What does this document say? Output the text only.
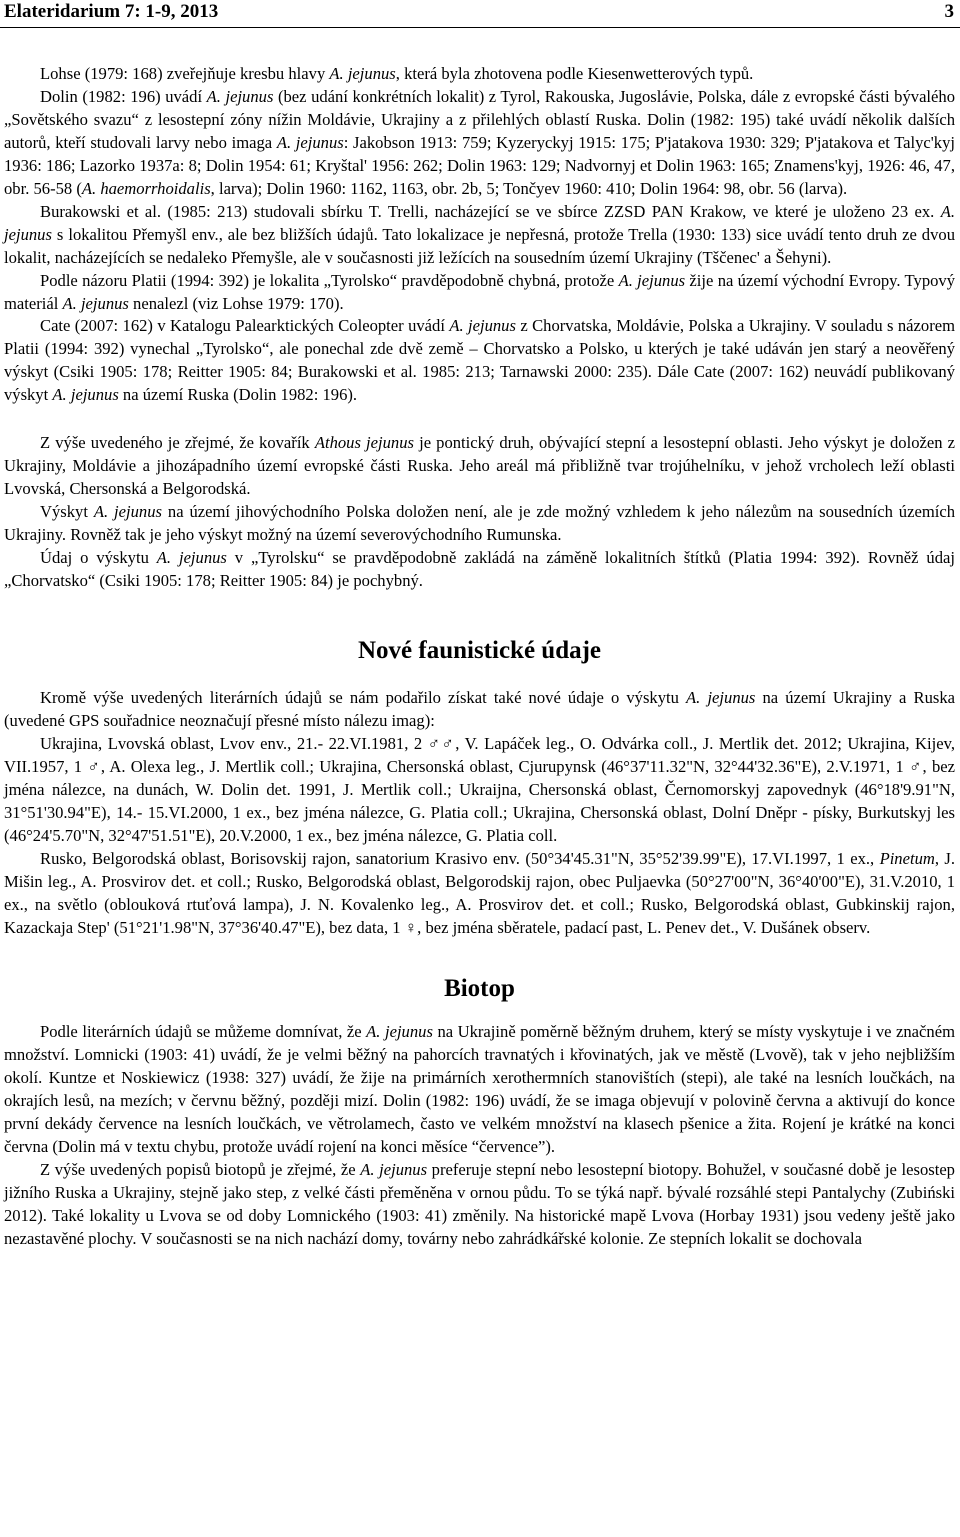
Elateridarium 7: 1-9, 2013	3

Lohse (1979: 168) zveřejňuje kresbu hlavy A. jejunus, která byla zhotovena podle Kiesenwetterových typů.

Dolin (1982: 196) uvádí A. jejunus (bez udání konkrétních lokalit) z Tyrol, Rakouska, Jugoslávie, Polska, dále z evropské části bývalého „Sovětského svazu“ z lesostepní zóny nížin Moldávie, Ukrajiny a z přilehlých oblastí Ruska. Dolin (1982: 195) také uvádí několik dalších autorů, kteří studovali larvy nebo imaga A. jejunus: Jakobson 1913: 759; Kyzeryckyj 1915: 175; P'jatakova 1930: 329; P'jatakova et Talyc'kyj 1936: 186; Lazorko 1937a: 8; Dolin 1954: 61; Kryštal' 1956: 262; Dolin 1963: 129; Nadvornyj et Dolin 1963: 165; Znamens'kyj, 1926: 46, 47, obr. 56-58 (A. haemorrhoidalis, larva); Dolin 1960: 1162, 1163, obr. 2b, 5; Tončyev 1960: 410; Dolin 1964: 98, obr. 56 (larva).

Burakowski et al. (1985: 213) studovali sbírku T. Trelli, nacházející se ve sbírce ZZSD PAN Krakow, ve které je uloženo 23 ex. A. jejunus s lokalitou Přemyšl env., ale bez bližších údajů. Tato lokalizace je nepřesná, protože Trella (1930: 133) sice uvádí tento druh ze dvou lokalit, nacházejících se nedaleko Přemyšle, ale v současnosti již ležících na sousedním území Ukrajiny (Tščenec' a Šehyni).

Podle názoru Platii (1994: 392) je lokalita „Tyrolsko“ pravděpodobně chybná, protože A. jejunus žije na území východní Evropy. Typový materiál A. jejunus nenalezl (viz Lohse 1979: 170).

Cate (2007: 162) v Katalogu Palearktických Coleopter uvádí A. jejunus z Chorvatska, Moldávie, Polska a Ukrajiny. V souladu s názorem Platii (1994: 392) vynechal „Tyrolsko“, ale ponechal zde dvě země – Chorvatsko a Polsko, u kterých je také udáván jen starý a neověřený výskyt (Csiki 1905: 178; Reitter 1905: 84; Burakowski et al. 1985: 213; Tarnawski 2000: 235). Dále Cate (2007: 162) neuvádí publikovaný výskyt A. jejunus na území Ruska (Dolin 1982: 196).

Z výše uvedeného je zřejmé, že kovařík Athous jejunus je pontický druh, obývající stepní a lesostepní oblasti. Jeho výskyt je doložen z Ukrajiny, Moldávie a jihozápadního území evropské části Ruska. Jeho areál má přibližně tvar trojúhelníku, v jehož vrcholech leží oblasti Lvovská, Chersonská a Belgorodská.

Výskyt A. jejunus na území jihovýchodního Polska doložen není, ale je zde možný vzhledem k jeho nálezům na sousedních územích Ukrajiny. Rovněž tak je jeho výskyt možný na území severovýchodního Rumunska.

Údaj o výskytu A. jejunus v „Tyrolsku“ se pravděpodobně zakládá na záměně lokalitních štítků (Platia 1994: 392). Rovněž údaj „Chorvatsko“ (Csiki 1905: 178; Reitter 1905: 84) je pochybný.

Nové faunistické údaje

Kromě výše uvedených literárních údajů se nám podařilo získat také nové údaje o výskytu A. jejunus na území Ukrajiny a Ruska (uvedené GPS souřadnice neoznačují přesné místo nálezu imag):

Ukrajina, Lvovská oblast, Lvov env., 21.- 22.VI.1981, 2 ♂♂, V. Lapáček leg., O. Odvárka coll., J. Mertlik det. 2012; Ukrajina, Kijev, VII.1957, 1 ♂, A. Olexa leg., J. Mertlik coll.; Ukrajina, Chersonská oblast, Cjurupynsk (46°37'11.32"N, 32°44'32.36"E), 2.V.1971, 1 ♂, bez jména nálezce, na dunách, W. Dolin det. 1991, J. Mertlik coll.; Ukraijna, Chersonská oblast, Černomorskyj zapovednyk (46°18'9.91"N, 31°51'30.94"E), 14.- 15.VI.2000, 1 ex., bez jména nálezce, G. Platia coll.; Ukrajina, Chersonská oblast, Dolní Dněpr - písky, Burkutskyj les (46°24'5.70"N, 32°47'51.51"E), 20.V.2000, 1 ex., bez jména nálezce, G. Platia coll.

Rusko, Belgorodská oblast, Borisovskij rajon, sanatorium Krasivo env. (50°34'45.31"N, 35°52'39.99"E), 17.VI.1997, 1 ex., Pinetum, J. Mišin leg., A. Prosvirov det. et coll.; Rusko, Belgorodská oblast, Belgorodskij rajon, obec Puljaevka (50°27'00"N, 36°40'00"E), 31.V.2010, 1 ex., na světlo (oblouková rtuťová lampa), J. N. Kovalenko leg., A. Prosvirov det. et coll.; Rusko, Belgorodská oblast, Gubkinskij rajon, Kazackaja Step' (51°21'1.98"N, 37°36'40.47"E), bez data, 1 ♀, bez jména sběratele, padací past, L. Penev det., V. Dušánek observ.

Biotop

Podle literárních údajů se můžeme domnívat, že A. jejunus na Ukrajině poměrně běžným druhem, který se místy vyskytuje i ve značném množství. Lomnicki (1903: 41) uvádí, že je velmi běžný na pahorcích travnatých i křovinatých, jak ve městě (Lvově), tak v jeho nejbližším okolí. Kuntze et Noskiewicz (1938: 327) uvádí, že žije na primárních xerothermních stanovištích (stepi), ale také na lesních loučkách, na okrajích lesů, na mezích; v červnu běžný, později mizí. Dolin (1982: 196) uvádí, že se imaga objevují v polovině června a aktivují do konce první dekády července na lesních loučkách, ve větrolamech, často ve velkém množství na klasech pšenice a žita. Rojení je krátké na konci června (Dolin má v textu chybu, protože uvádí rojení na konci měsíce “července”).

Z výše uvedených popisů biotopů je zřejmé, že A. jejunus preferuje stepní nebo lesostepní biotopy. Bohužel, v současné době je lesostep jižního Ruska a Ukrajiny, stejně jako step, z velké části přeměněna v ornou půdu. To se týká např. bývalé rozsáhlé stepi Pantalychy (Zubiński 2012). Také lokality u Lvova se od doby Lomnického (1903: 41) změnily. Na historické mapě Lvova (Horbay 1931) jsou vedeny ještě jako nezastavěné plochy. V současnosti se na nich nachází domy, továrny nebo zahrádkářské kolonie. Ze stepních lokalit se dochovala
